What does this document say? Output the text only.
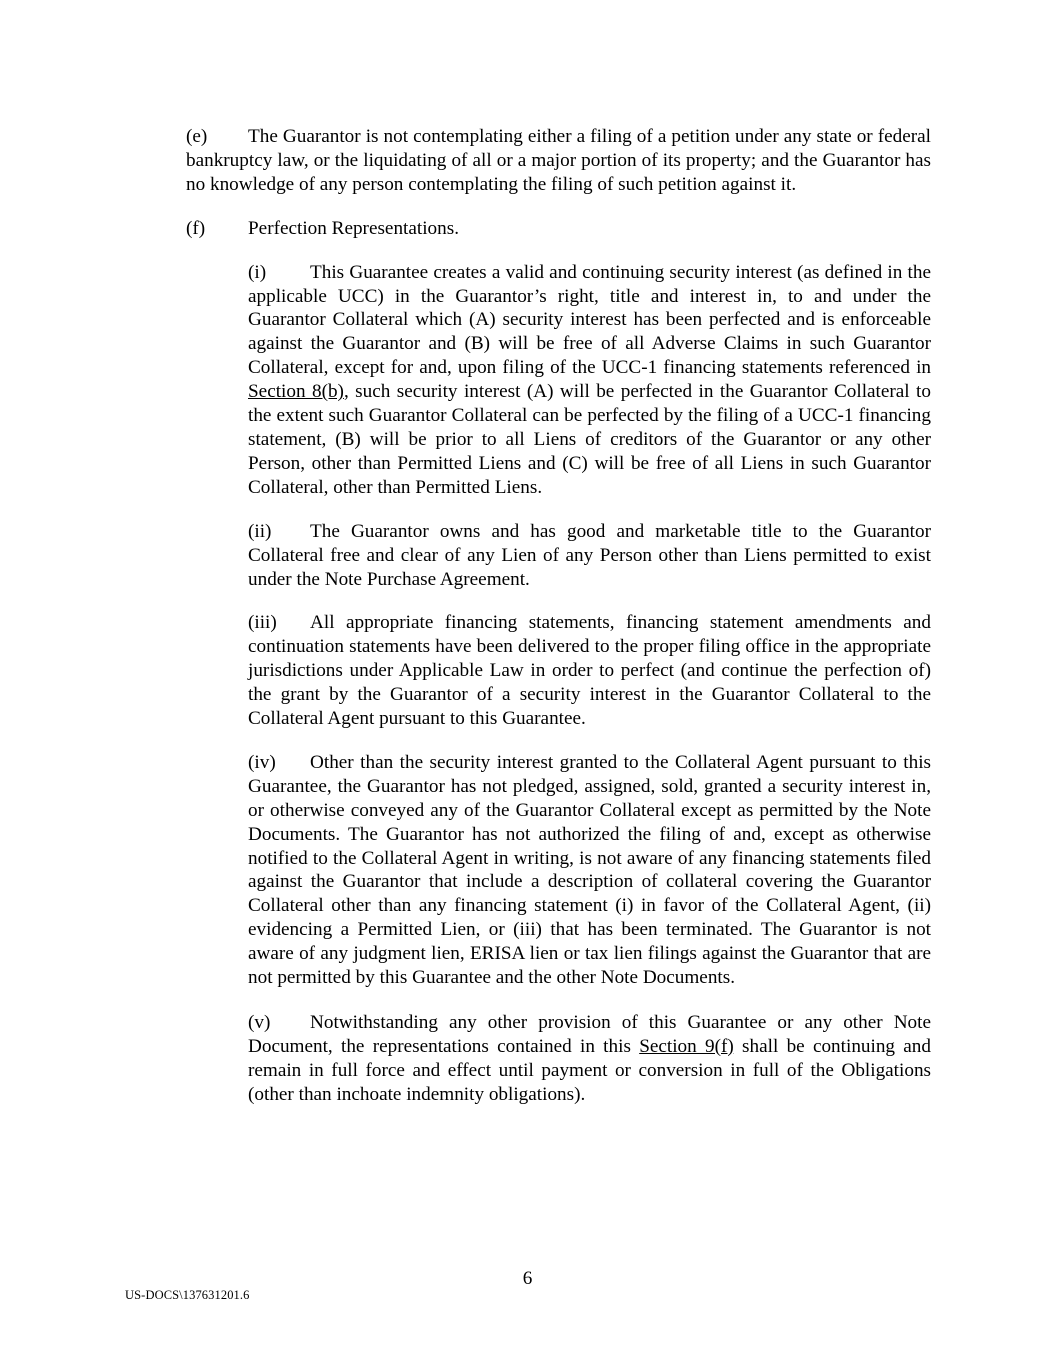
(e) The Guarantor is not contemplating either a filing of a petition under any state or federal bankruptcy law, or the liquidating of all or a major portion of its property; and the Guarantor has no knowledge of any person contemplating the filing of such petition against it.

(f) Perfection Representations.

(i) This Guarantee creates a valid and continuing security interest (as defined in the applicable UCC) in the Guarantor’s right, title and interest in, to and under the Guarantor Collateral which (A) security interest has been perfected and is enforceable against the Guarantor and (B) will be free of all Adverse Claims in such Guarantor Collateral, except for and, upon filing of the UCC-1 financing statements referenced in Section 8(b), such security interest (A) will be perfected in the Guarantor Collateral to the extent such Guarantor Collateral can be perfected by the filing of a UCC-1 financing statement, (B) will be prior to all Liens of creditors of the Guarantor or any other Person, other than Permitted Liens and (C) will be free of all Liens in such Guarantor Collateral, other than Permitted Liens.

(ii) The Guarantor owns and has good and marketable title to the Guarantor Collateral free and clear of any Lien of any Person other than Liens permitted to exist under the Note Purchase Agreement.

(iii) All appropriate financing statements, financing statement amendments and continuation statements have been delivered to the proper filing office in the appropriate jurisdictions under Applicable Law in order to perfect (and continue the perfection of) the grant by the Guarantor of a security interest in the Guarantor Collateral to the Collateral Agent pursuant to this Guarantee.

(iv) Other than the security interest granted to the Collateral Agent pursuant to this Guarantee, the Guarantor has not pledged, assigned, sold, granted a security interest in, or otherwise conveyed any of the Guarantor Collateral except as permitted by the Note Documents. The Guarantor has not authorized the filing of and, except as otherwise notified to the Collateral Agent in writing, is not aware of any financing statements filed against the Guarantor that include a description of collateral covering the Guarantor Collateral other than any financing statement (i) in favor of the Collateral Agent, (ii) evidencing a Permitted Lien, or (iii) that has been terminated. The Guarantor is not aware of any judgment lien, ERISA lien or tax lien filings against the Guarantor that are not permitted by this Guarantee and the other Note Documents.

(v) Notwithstanding any other provision of this Guarantee or any other Note Document, the representations contained in this Section 9(f) shall be continuing and remain in full force and effect until payment or conversion in full of the Obligations (other than inchoate indemnity obligations).

6
US-DOCS\137631201.6
